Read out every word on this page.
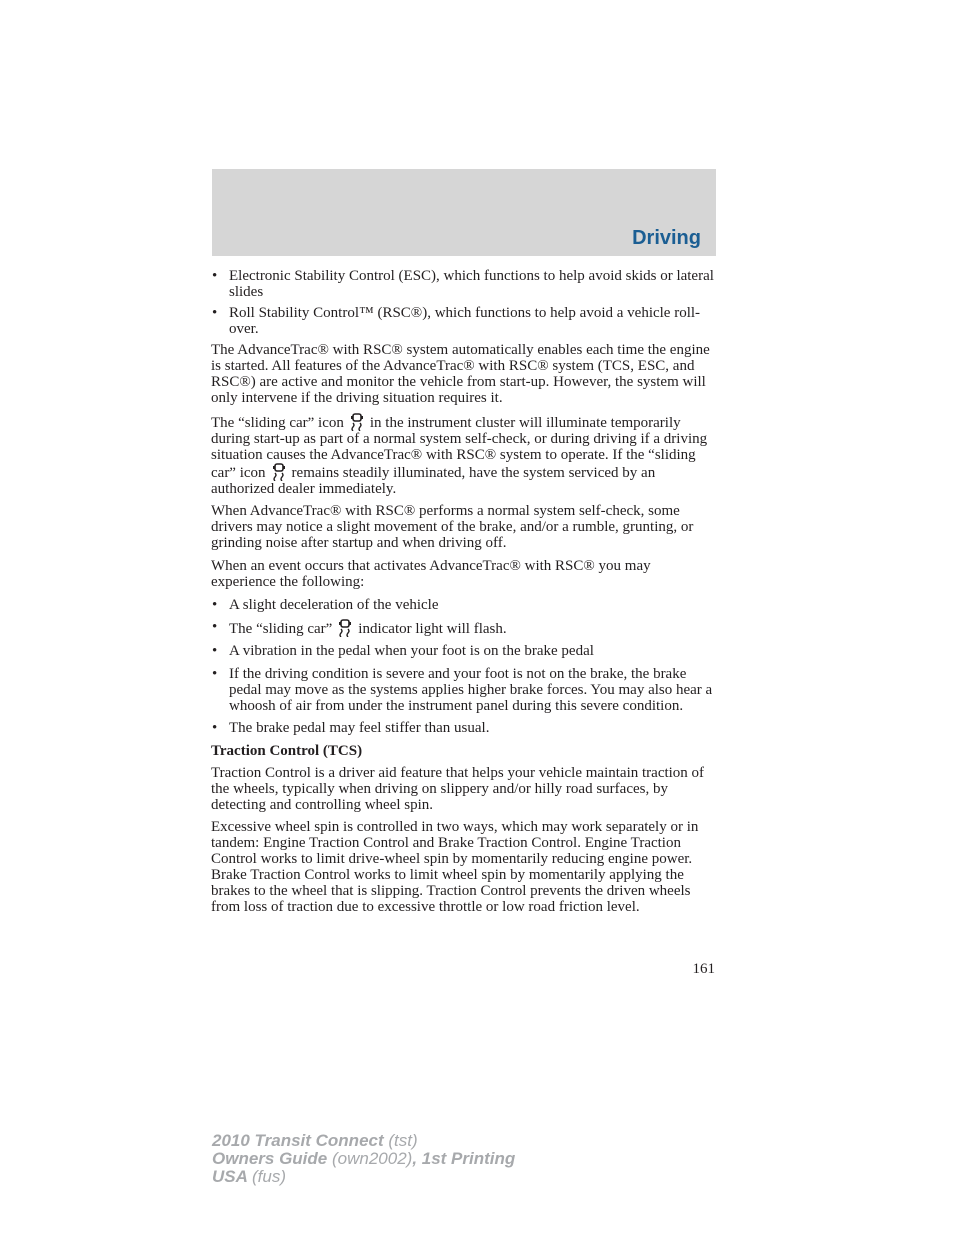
Driving
• Electronic Stability Control (ESC), which functions to help avoid skids or lateral slides
• Roll Stability Control™ (RSC®), which functions to help avoid a vehicle roll-over.

The AdvanceTrac® with RSC® system automatically enables each time the engine is started. All features of the AdvanceTrac® with RSC® system (TCS, ESC, and RSC®) are active and monitor the vehicle from start-up. However, the system will only intervene if the driving situation requires it.

The “sliding car” icon in the instrument cluster will illuminate temporarily during start-up as part of a normal system self-check, or during driving if a driving situation causes the AdvanceTrac® with RSC® system to operate. If the “sliding car” icon remains steadily illuminated, have the system serviced by an authorized dealer immediately.

When AdvanceTrac® with RSC® performs a normal system self-check, some drivers may notice a slight movement of the brake, and/or a rumble, grunting, or grinding noise after startup and when driving off.

When an event occurs that activates AdvanceTrac® with RSC® you may experience the following:

• A slight deceleration of the vehicle
• The “sliding car” indicator light will flash.
• A vibration in the pedal when your foot is on the brake pedal
• If the driving condition is severe and your foot is not on the brake, the brake pedal may move as the systems applies higher brake forces. You may also hear a whoosh of air from under the instrument panel during this severe condition.
• The brake pedal may feel stiffer than usual.

Traction Control (TCS)

Traction Control is a driver aid feature that helps your vehicle maintain traction of the wheels, typically when driving on slippery and/or hilly road surfaces, by detecting and controlling wheel spin.

Excessive wheel spin is controlled in two ways, which may work separately or in tandem: Engine Traction Control and Brake Traction Control. Engine Traction Control works to limit drive-wheel spin by momentarily reducing engine power. Brake Traction Control works to limit wheel spin by momentarily applying the brakes to the wheel that is slipping. Traction Control prevents the driven wheels from loss of traction due to excessive throttle or low road friction level.

161
2010 Transit Connect (tst)
Owners Guide (own2002), 1st Printing
USA (fus)
